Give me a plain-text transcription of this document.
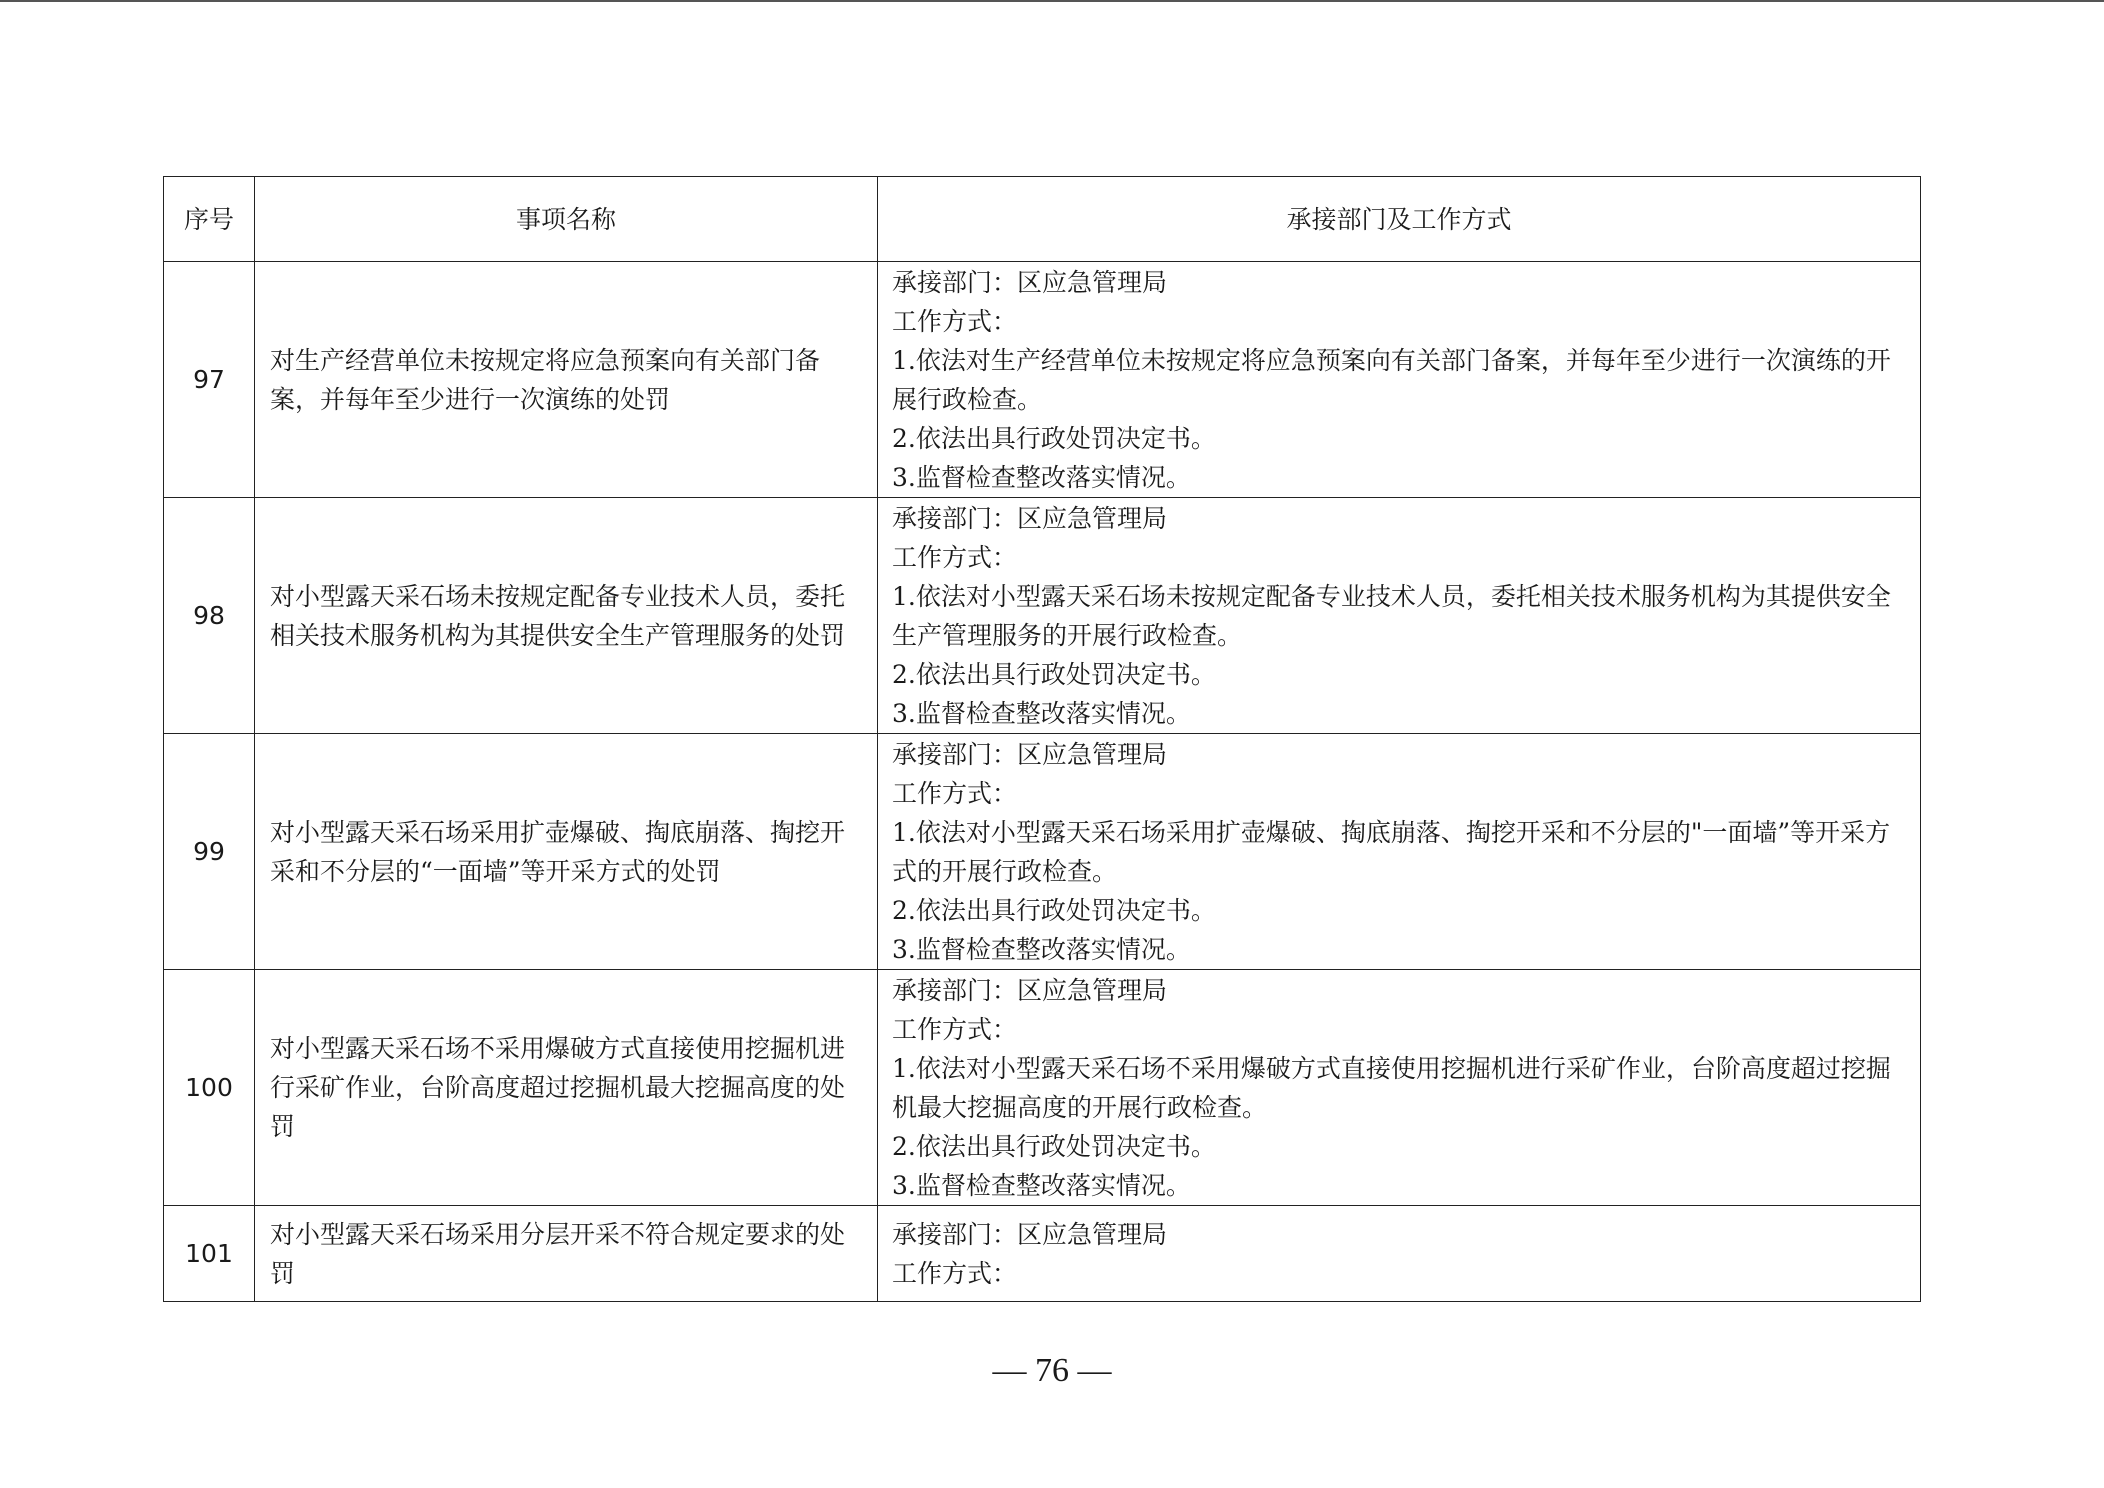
序号	事项名称	承接部门及工作方式
97	对生产经营单位未按规定将应急预案向有关部门备案，并每年至少进行一次演练的处罚	承接部门：区应急管理局
工作方式：
1.依法对生产经营单位未按规定将应急预案向有关部门备案，并每年至少进行一次演练的开展行政检查。
2.依法出具行政处罚决定书。
3.监督检查整改落实情况。

98	对小型露天采石场未按规定配备专业技术人员，委托相关技术服务机构为其提供安全生产管理服务的处罚	承接部门：区应急管理局
工作方式：
1.依法对小型露天采石场未按规定配备专业技术人员，委托相关技术服务机构为其提供安全生产管理服务的开展行政检查。
2.依法出具行政处罚决定书。
3.监督检查整改落实情况。

99	对小型露天采石场采用扩壶爆破、掏底崩落、掏挖开采和不分层的“一面墙”等开采方式的处罚	承接部门：区应急管理局
工作方式：
1.依法对小型露天采石场采用扩壶爆破、掏底崩落、掏挖开采和不分层的"一面墙”等开采方式的开展行政检查。
2.依法出具行政处罚决定书。
3.监督检查整改落实情况。

100	对小型露天采石场不采用爆破方式直接使用挖掘机进行采矿作业，台阶高度超过挖掘机最大挖掘高度的处罚	承接部门：区应急管理局
工作方式：
1.依法对小型露天采石场不采用爆破方式直接使用挖掘机进行采矿作业，台阶高度超过挖掘机最大挖掘高度的开展行政检查。
2.依法出具行政处罚决定书。
3.监督检查整改落实情况。

101	对小型露天采石场采用分层开采不符合规定要求的处罚	承接部门：区应急管理局
工作方式：
— 76 —
